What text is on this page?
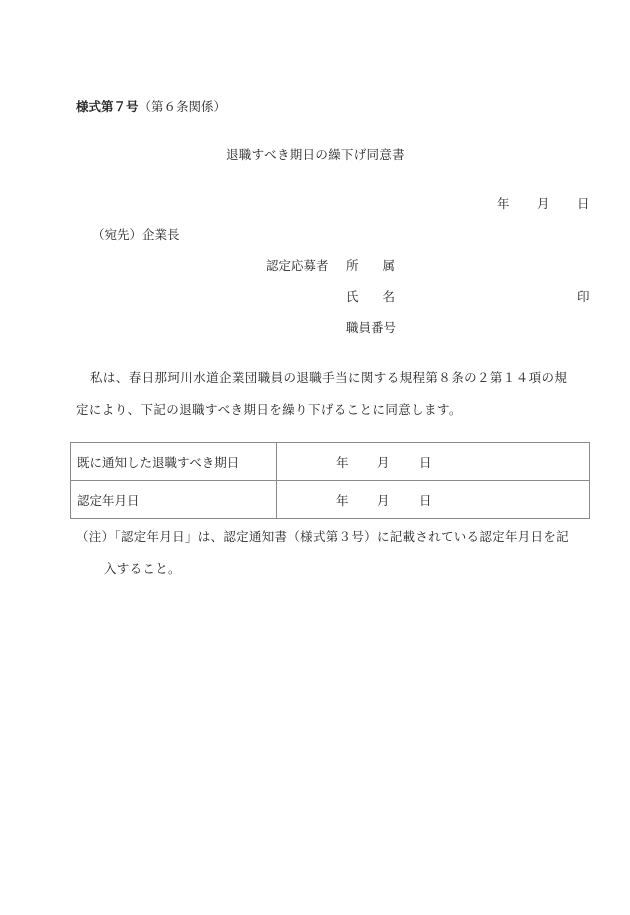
様式第７号（第６条関係）
退職すべき期日の繰下げ同意書
年 月 日
（宛先）企業長
認定応募者 所 属
氏 名	印
職員番号
私は、春日那珂川水道企業団職員の退職手当に関する規程第８条の２第１４項の規
定により、下記の退職すべき期日を繰り下げることに同意します。
既に通知した退職すべき期日	年 月 日

認定年月日	年 月 日
（注）「認定年月日」は、認定通知書（様式第３号）に記載されている認定年月日を記
入すること。
